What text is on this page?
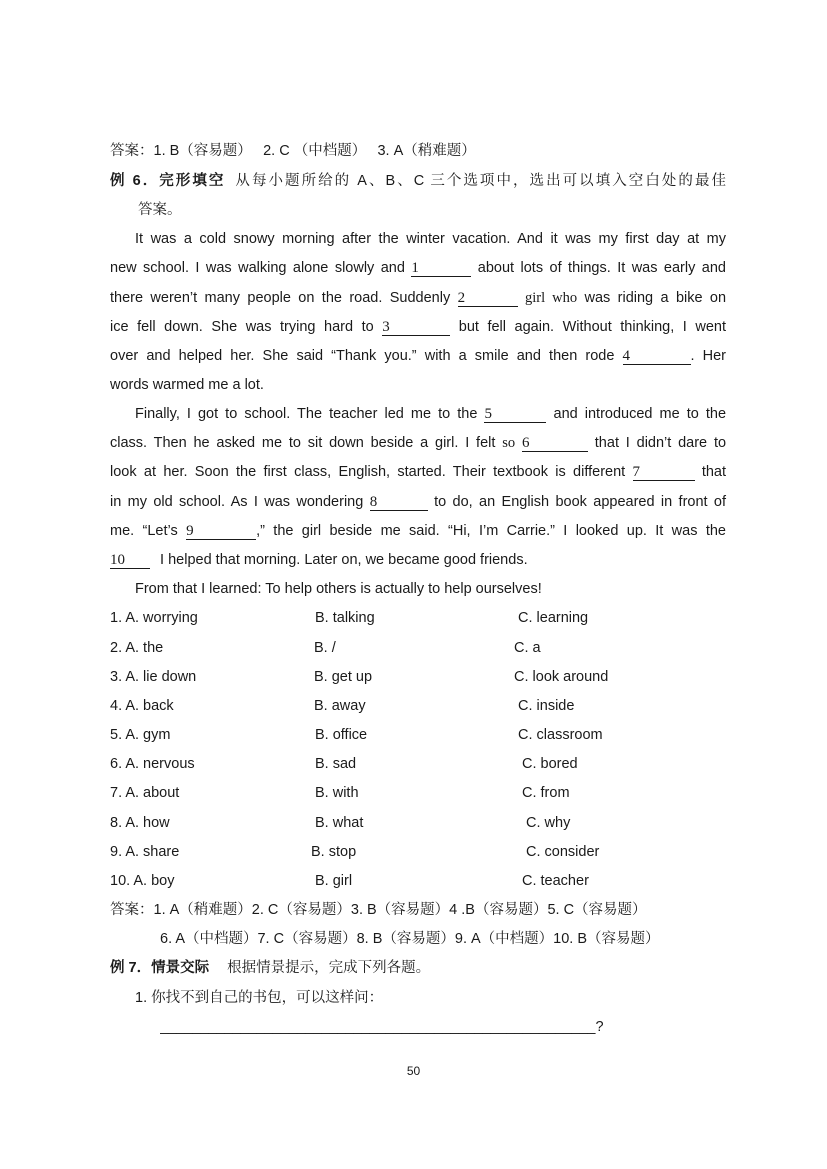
答案：1. B（容易题）　 2. C （中档题）　 3. A（稍难题）
例 6．完形填空 从每小题所给的 A、B、C 三个选项中，选出可以填入空白处的最佳
答案。
It was a cold snowy morning after the winter vacation. And it was my first day at my
new school. I was walking alone slowly and 1	about lots of things. It was early and
there weren’t many people on the road. Suddenly 2	girl who was riding a bike on
ice fell down. She was trying hard to 3	but fell again. Without thinking, I went
over and helped her. She said “Thank you.” with a smile and then rode 4	. Her
words warmed me a lot.
Finally, I got to school. The teacher led me to the 5	and introduced me to the
class. Then he asked me to sit down beside a girl. I felt so 6	that I didn’t dare to
look at her. Soon the first class, English, started. Their textbook is different 7	that
in my old school. As I was wondering 8	to do, an English book appeared in front of
me. “Let’s 9	,” the girl beside me said. “Hi, I’m Carrie.” I looked up. It was the
10 I helped that morning. Later on, we became good friends.
From that I learned: To help others is actually to help ourselves!
1. A. worrying	B. talking	C. learning
2. A. the	B. /	C. a
3. A. lie down	B. get up	C. look around
4. A. back	B. away	C. inside
5. A. gym	B. office	C. classroom
6. A. nervous	B. sad	C. bored
7. A. about	B. with	C. from
8. A. how	B. what	C. why
9. A. share	B. stop	C. consider
10. A. boy	B. girl	C. teacher
答案：1. A（稍难题）2. C（容易题）3. B（容易题）4 .B（容易题）5. C（容易题）
6. A（中档题）7. C（容易题）8. B（容易题）9. A（中档题）10. B（容易题）
例 7．情景交际 根据情景提示，完成下列各题。
1. 你找不到自己的书包，可以这样问：
______________________________________________________?
50
